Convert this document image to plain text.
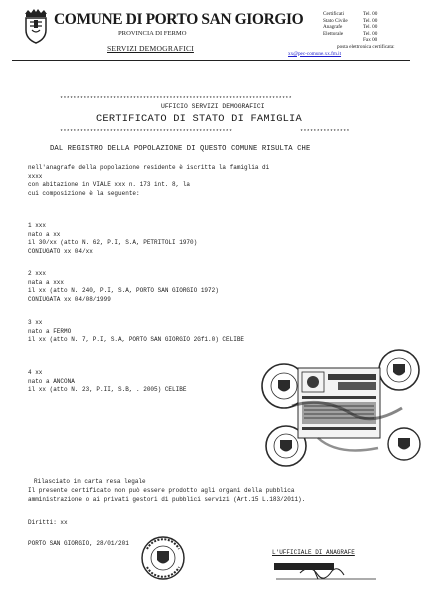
COMUNE DI PORTO SAN GIORGIO
PROVINCIA DI FERMO
SERVIZI DEMOGRAFICI
Certificati	Tel. 00
Stato Civile	Tel. 00
Anagrafe	Tel. 00
Elettorale	Tel. 00
Fax 00
posta elettronica certificata:
xx@pec-comune.xx.fm.it
**********************************************************************
UFFICIO SERVIZI DEMOGRAFICI
CERTIFICATO DI STATO DI FAMIGLIA
****************************************************	***************
DAL REGISTRO DELLA POPOLAZIONE DI QUESTO COMUNE RISULTA CHE
nell'anagrafe della popolazione residente è iscritta la famiglia di
xxxx
con abitazione in VIALE xxx n. 173 int. 8, la
cui composizione è la seguente:
1 xxx
nato a xx
il 30/xx (atto N. 62, P.I, S.A, PETRITOLI 1970)
CONIUGATO xx 04/xx
2 xxx
nata a xxx
il xx (atto N. 240, P.I, S.A, PORTO SAN GIORGIO 1972)
CONIUGATA xx 04/08/1999
3 xx
nato a FERMO
il xx (atto N. 7, P.I, S.A, PORTO SAN GIORGIO 2Gf1.0) CELIBE
4 xx
nato a ANCONA
il xx (atto N. 23, P.II, S.B, . 2005) CELIBE
Rilasciato in carta resa legale
Il presente certificato non può essere prodotto agli organi della pubblica
amministrazione o ai privati gestori di pubblici servizi (Art.15 L.183/2011).
Diritti: xx
PORTO SAN GIORGIO, 28/01/201
L'UFFICIALE DI ANAGRAFE
